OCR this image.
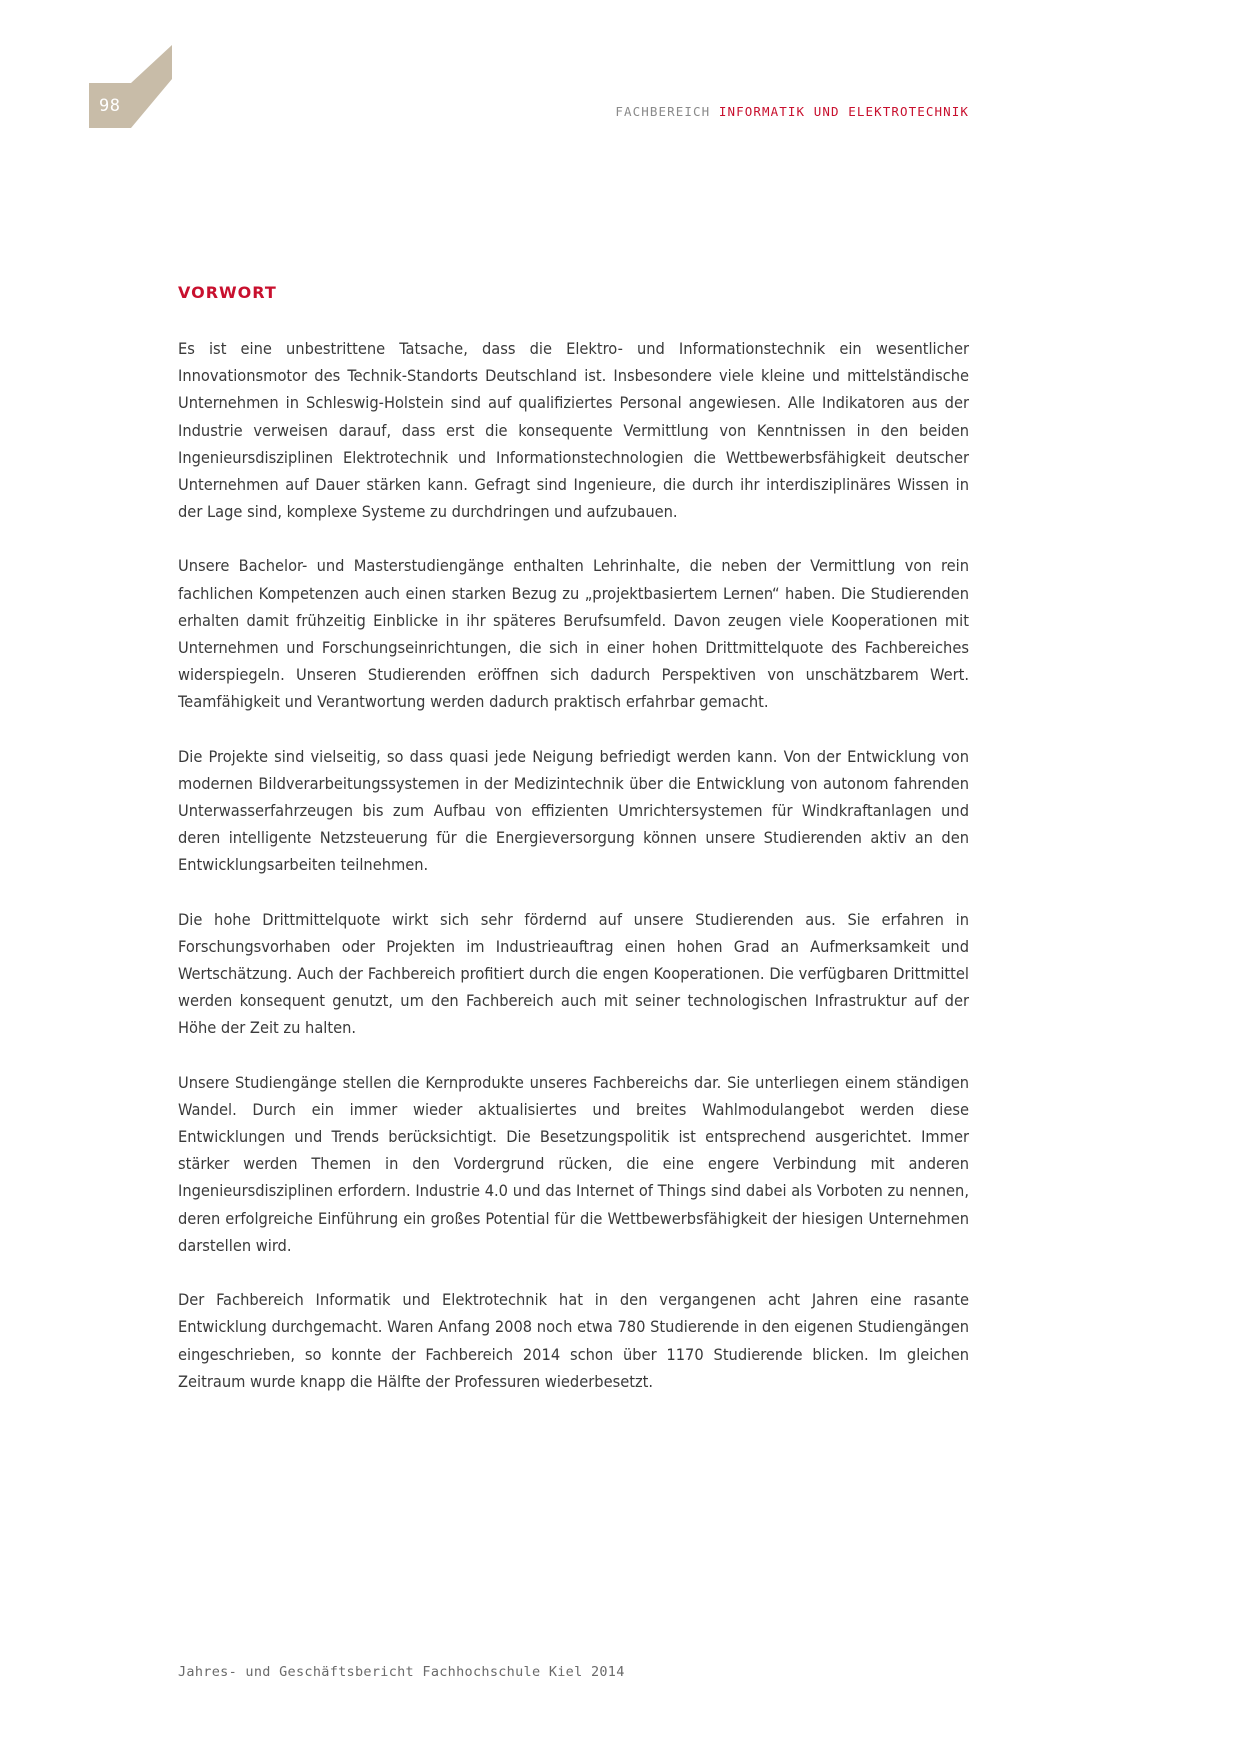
98	FACHBEREICH INFORMATIK UND ELEKTROTECHNIK
VORWORT

Es ist eine unbestrittene Tatsache, dass die Elektro- und Informationstechnik ein wesentlicher Innovationsmotor des Technik-Standorts Deutschland ist. Insbesondere viele kleine und mittelständische Unternehmen in Schleswig-Holstein sind auf qualifiziertes Personal angewiesen. Alle Indikatoren aus der Industrie verweisen darauf, dass erst die konsequente Vermittlung von Kenntnissen in den beiden Ingenieursdisziplinen Elektrotechnik und Informationstechnologien die Wettbewerbsfähigkeit deutscher Unternehmen auf Dauer stärken kann. Gefragt sind Ingenieure, die durch ihr interdisziplinäres Wissen in der Lage sind, komplexe Systeme zu durchdringen und aufzubauen.

Unsere Bachelor- und Masterstudiengänge enthalten Lehrinhalte, die neben der Vermittlung von rein fachlichen Kompetenzen auch einen starken Bezug zu „projektbasiertem Lernen“ haben. Die Studierenden erhalten damit frühzeitig Einblicke in ihr späteres Berufsumfeld. Davon zeugen viele Kooperationen mit Unternehmen und Forschungseinrichtungen, die sich in einer hohen Drittmittelquote des Fachbereiches widerspiegeln. Unseren Studierenden eröffnen sich dadurch Perspektiven von unschätzbarem Wert. Teamfähigkeit und Verantwortung werden dadurch praktisch erfahrbar gemacht.

Die Projekte sind vielseitig, so dass quasi jede Neigung befriedigt werden kann. Von der Entwicklung von modernen Bildverarbeitungssystemen in der Medizintechnik über die Entwicklung von autonom fahrenden Unterwasserfahrzeugen bis zum Aufbau von effizienten Umrichtersystemen für Windkraftanlagen und deren intelligente Netzsteuerung für die Energieversorgung können unsere Studierenden aktiv an den Entwicklungsarbeiten teilnehmen.

Die hohe Drittmittelquote wirkt sich sehr fördernd auf unsere Studierenden aus. Sie erfahren in Forschungsvorhaben oder Projekten im Industrieauftrag einen hohen Grad an Aufmerksamkeit und Wertschätzung. Auch der Fachbereich profitiert durch die engen Kooperationen. Die verfügbaren Drittmittel werden konsequent genutzt, um den Fachbereich auch mit seiner technologischen Infrastruktur auf der Höhe der Zeit zu halten.

Unsere Studiengänge stellen die Kernprodukte unseres Fachbereichs dar. Sie unterliegen einem ständigen Wandel. Durch ein immer wieder aktualisiertes und breites Wahlmodulangebot werden diese Entwicklungen und Trends berücksichtigt. Die Besetzungspolitik ist entsprechend ausgerichtet. Immer stärker werden Themen in den Vordergrund rücken, die eine engere Verbindung mit anderen Ingenieursdisziplinen erfordern. Industrie 4.0 und das Internet of Things sind dabei als Vorboten zu nennen, deren erfolgreiche Einführung ein großes Potential für die Wettbewerbsfähigkeit der hiesigen Unternehmen darstellen wird.

Der Fachbereich Informatik und Elektrotechnik hat in den vergangenen acht Jahren eine rasante Entwicklung durchgemacht. Waren Anfang 2008 noch etwa 780 Studierende in den eigenen Studiengängen eingeschrieben, so konnte der Fachbereich 2014 schon über 1170 Studierende blicken. Im gleichen Zeitraum wurde knapp die Hälfte der Professuren wiederbesetzt.

Jahres- und Geschäftsbericht Fachhochschule Kiel 2014
